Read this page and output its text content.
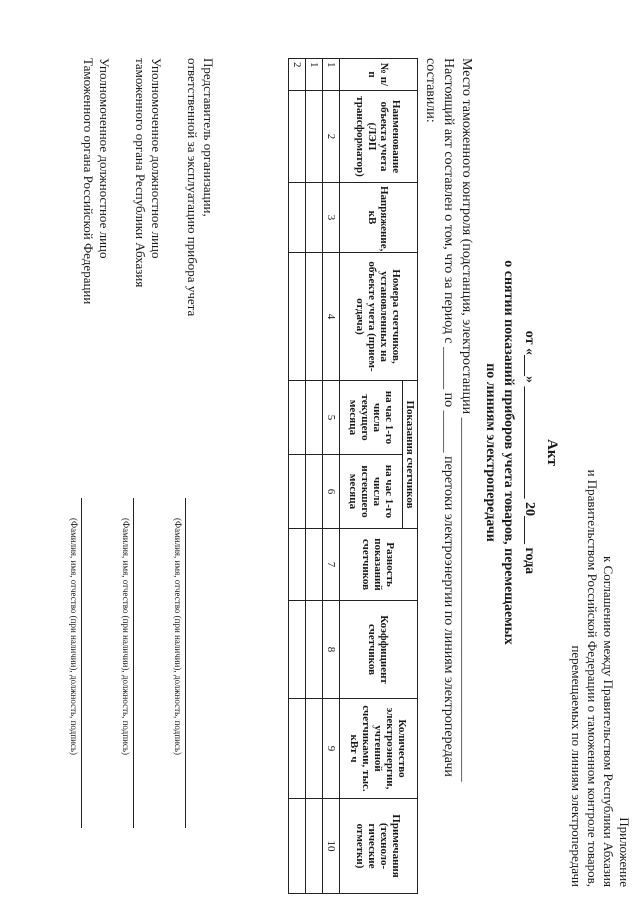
Приложение
к Соглашению между Правительством Республики Абхазия
и Правительством Российской Федерации о таможенном контроле товаров,
перемещаемых по линиям электропередачи
Акт
от «___» ________________ 20____ года
о снятии показаний приборов учета товаров, перемещаемых
по линиям электропередачи
Место таможенного контроля (подстанция, электростанции ____________________________________________________
Настоящий акт составлен о том, что за период с ______ по ______ перетоки электроэнергии по линиям электропередачи
составили:
№ п/п	Наименование объекта учета (ЛЭП трансформатор)	Напряжение, кВ	Номера счетчиков, установленных на объекте учета (прием-отдача)	Показания счетчиков		Разность показаний счетчиков	Коэффициент счетчиков	Количество электроэнергии, учтенной счетчиками, тыс. кВт ч	Примечания (техноло-гические отметки)
				на час 1-го числа текущего месяца	на час 1-го числа истекшего месяца				
1	2	3	4	5	6	7	8	9	10
1									
2									
Представитель организации,
ответственной за эксплуатацию прибора учета
(Фамилия, имя, отчество (при наличии), должность, подпись)
Уполномоченное должностное лицо
таможенного органа Республики Абхазия
(Фамилия, имя, отчество (при наличии), должность, подпись)
Уполномоченное должностное лицо
Таможенного органа Российской Федерации
(Фамилия, имя, отчество (при наличии), должность, подпись)
